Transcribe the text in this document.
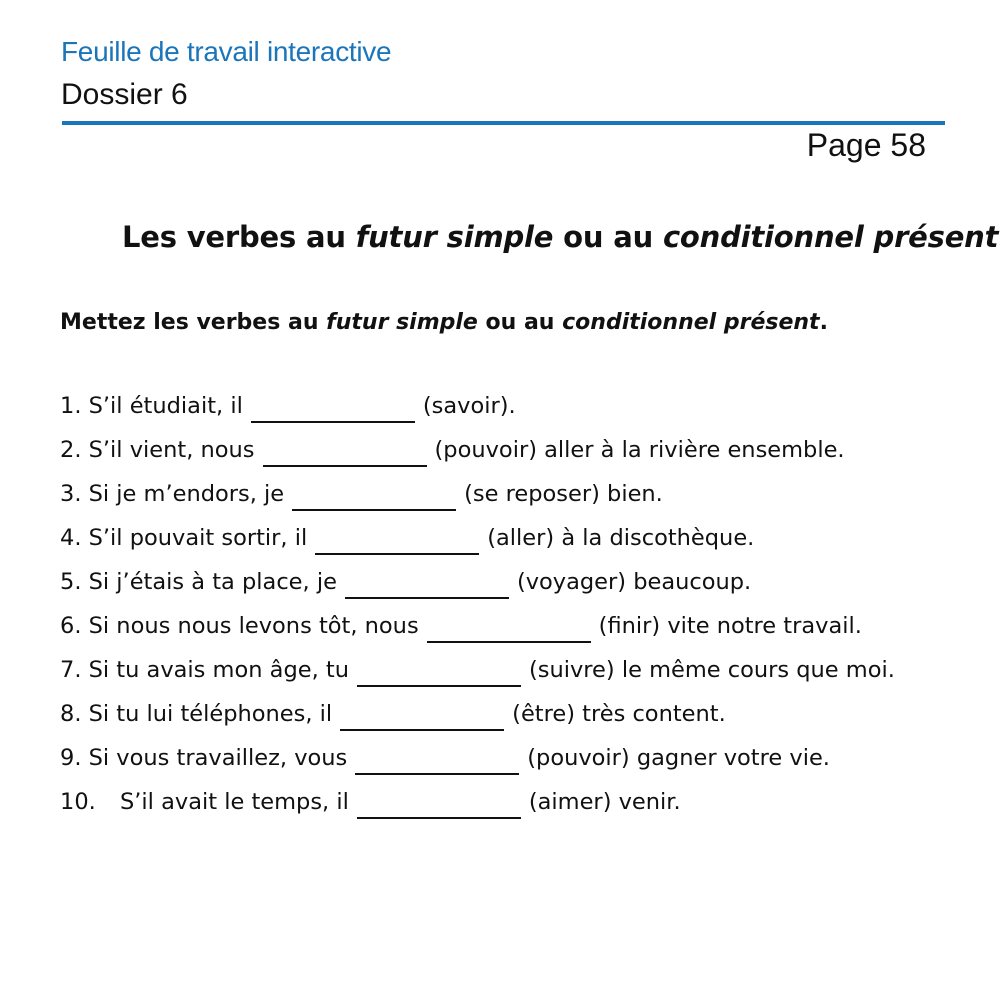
Feuille de travail interactive
Dossier 6
Page 58
Les verbes au futur simple ou au conditionnel présent
Mettez les verbes au futur simple ou au conditionnel présent.
1.
S’il étudiait, il	(savoir).
2.
S’il vient, nous	(pouvoir) aller à la rivière ensemble.
3.
Si je m’endors, je	(se reposer) bien.
4.
S’il pouvait sortir, il	(aller) à la discothèque.
5.
Si j’étais à ta place, je	(voyager) beaucoup.
6.
Si nous nous levons tôt, nous	(finir) vite notre travail.
7.
Si tu avais mon âge, tu	(suivre) le même cours que moi.
8.
Si tu lui téléphones, il	(être) très content.
9.
Si vous travaillez, vous	(pouvoir) gagner votre vie.
10.	S’il avait le temps, il	(aimer) venir.
